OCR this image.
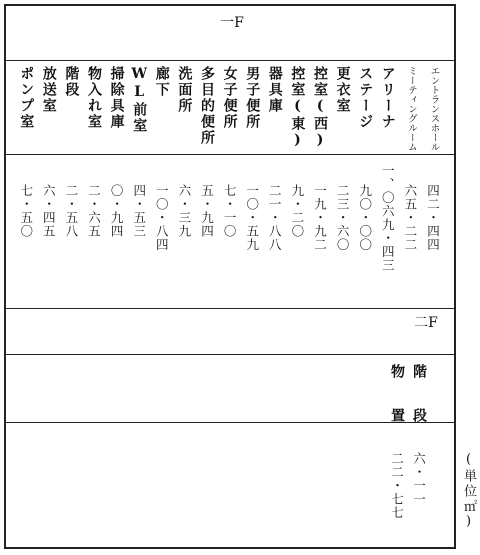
一F
二F
エントランスホール
ミーティングルーム
アリーナ
ステージ
更衣室
控室(西)
控室(東)
器具庫
男子便所
女子便所
多目的便所
洗面所
廊下
WL前室
掃除具庫
物入れ室
階段
放送室
ポンプ室
四二・四四
六五・二二
一、〇六九・四三
九〇・〇〇
二三・六〇
一九・九二
九・二〇
二一・八八
一〇・五九
七・一〇
五・九四
六・三九
一〇・八四
四・五三
〇・九四
二・六五
二・五八
六・四五
七・五〇
階段
物置
六・一一
二二・七七	(単位㎡)
